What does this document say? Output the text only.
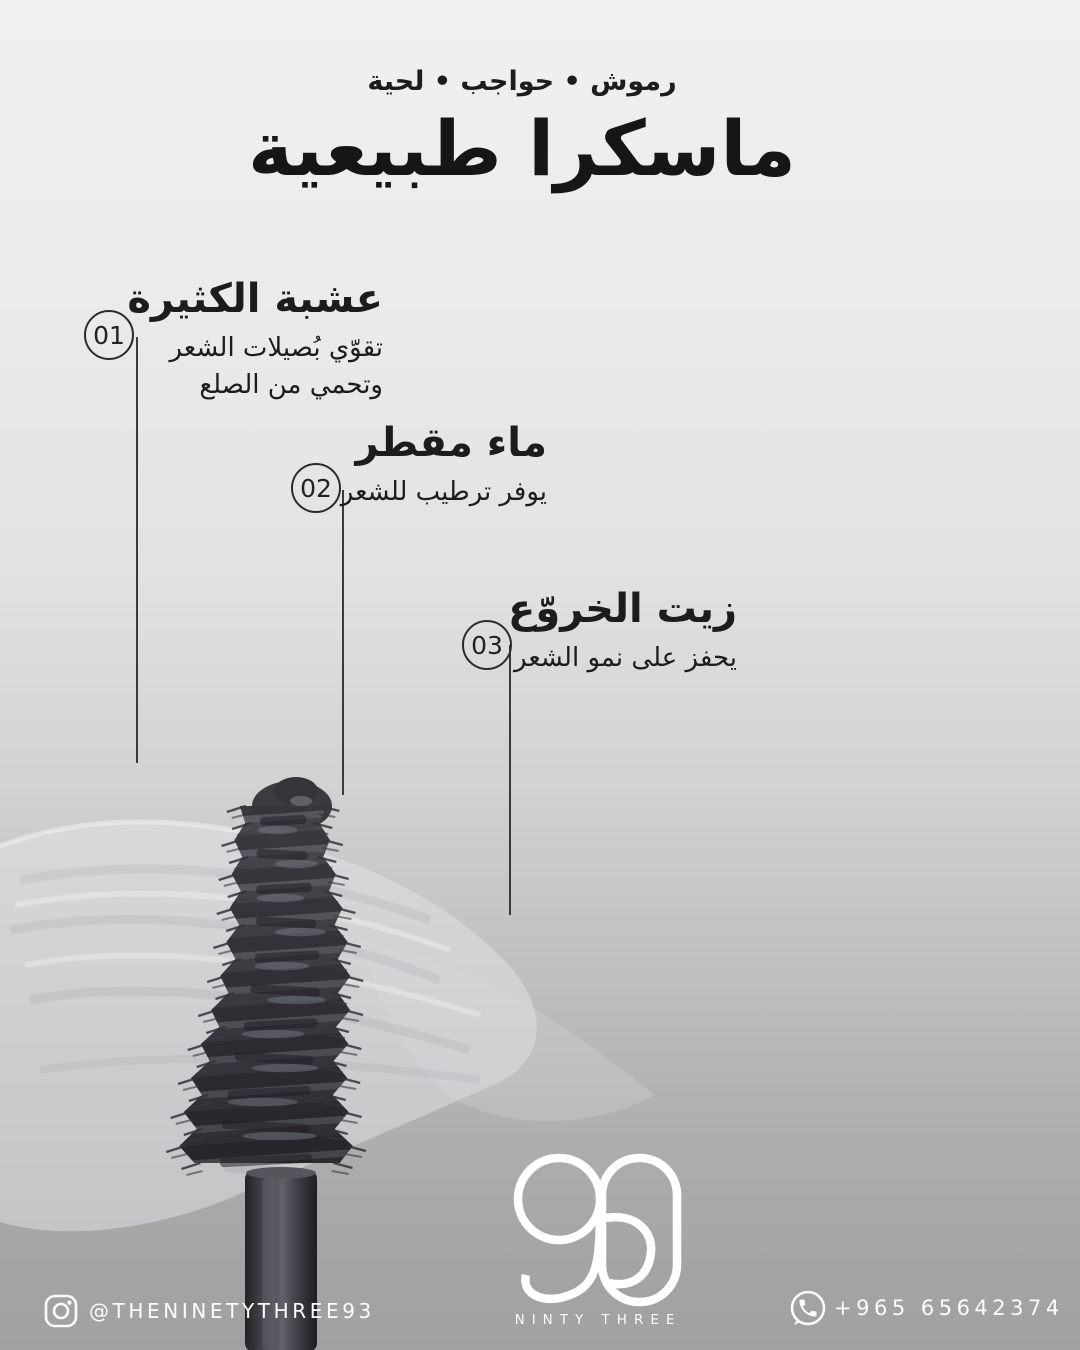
رموش • حواجب • لحية
ماسكرا طبيعية
01
عشبة الكثيرة

تقوّي بُصيلات الشعر

وتحمي من الصلع

02
ماء مقطر

يوفر ترطيب للشعر

03
زيت الخروّع

يحفز على نمو الشعر

NINTY THREE
@THENINETYTHREE93	+965 65642374
